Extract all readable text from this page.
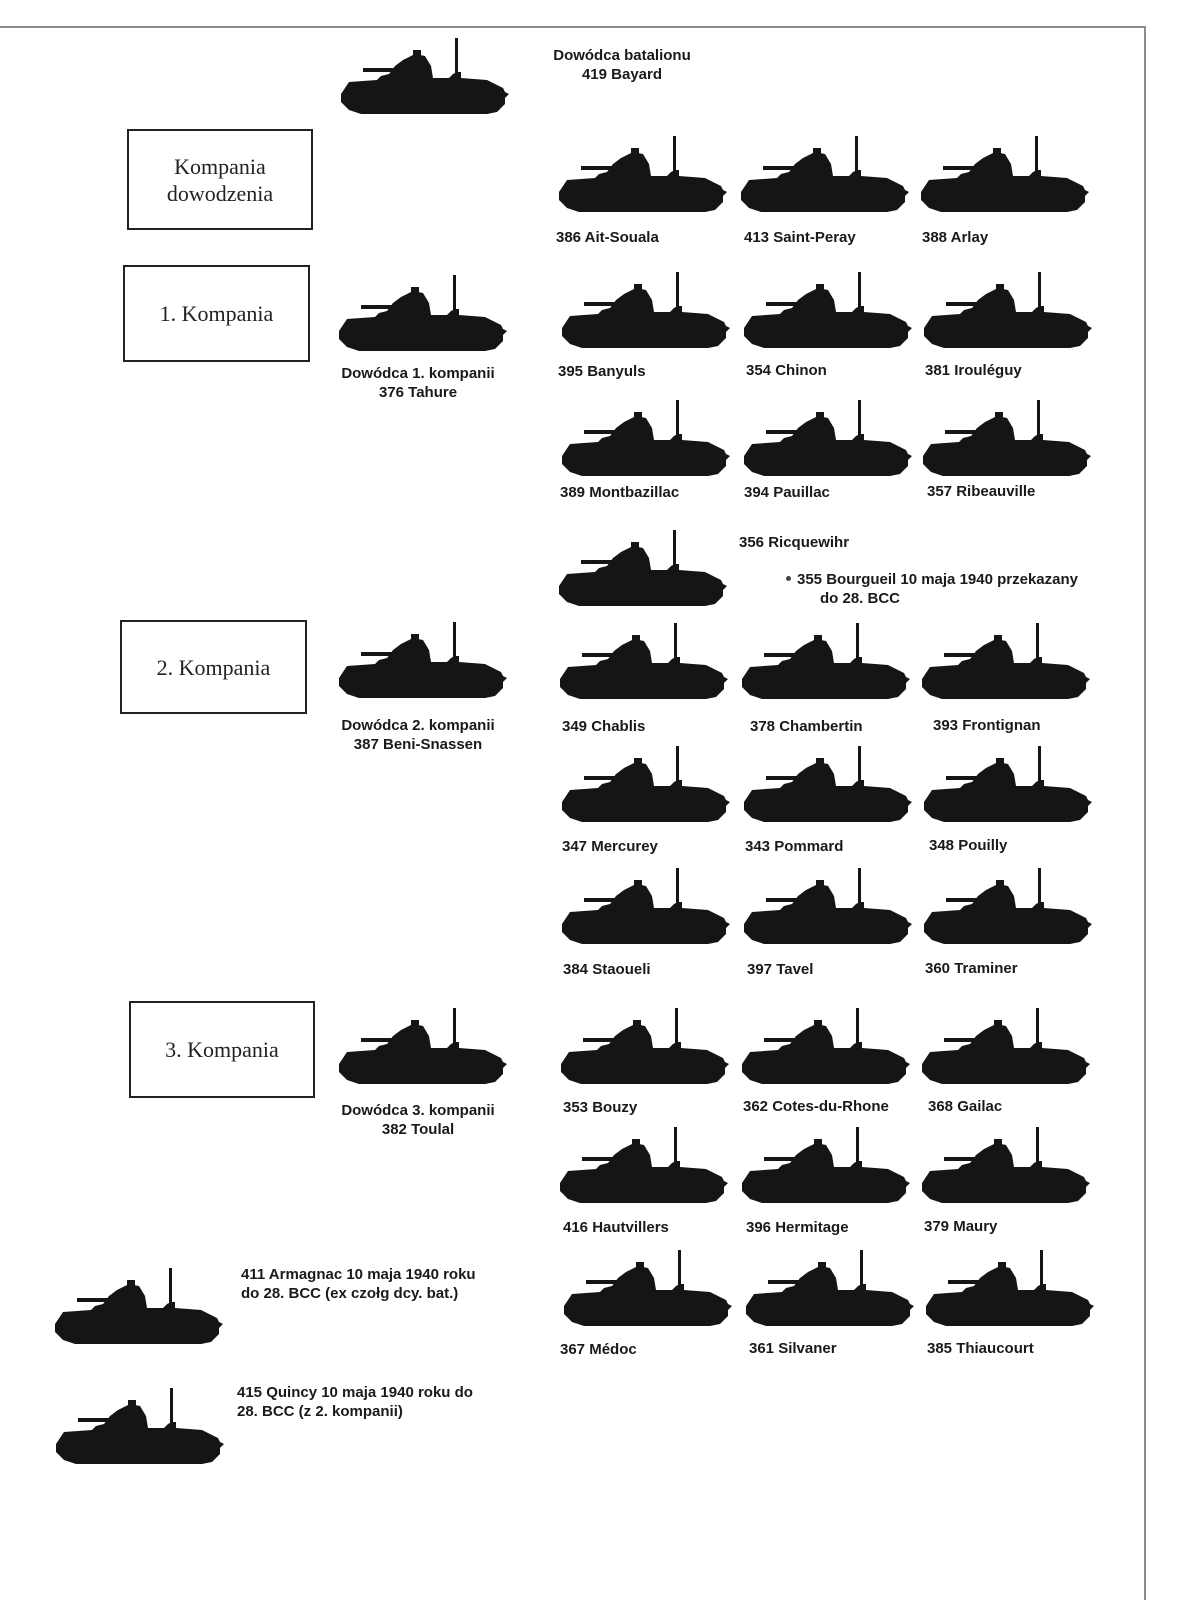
Dowódca batalionu
419 Bayard
Kompania
dowodzenia
1. Kompania
2. Kompania
3. Kompania
386 Ait-Souala	413 Saint-Peray	388 Arlay
Dowódca 1. kompanii
376 Tahure
395 Banyuls	354 Chinon	381 Irouléguy
389 Montbazillac	394 Pauillac	357 Ribeauville
356 Ricquewihr
355 Bourgueil 10 maja 1940 przekazany
do 28. BCC
Dowódca 2. kompanii
387 Beni-Snassen
349 Chablis	378 Chambertin	393 Frontignan
347 Mercurey	343 Pommard	348 Pouilly
384 Staoueli	397 Tavel	360 Traminer
Dowódca 3. kompanii
382 Toulal
353 Bouzy	362 Cotes-du-Rhone	368 Gailac
416 Hautvillers	396 Hermitage	379 Maury
367 Médoc	361 Silvaner	385 Thiaucourt
411 Armagnac 10 maja 1940 roku
do 28. BCC (ex czołg dcy. bat.)
415 Quincy 10 maja 1940 roku do
28. BCC (z 2. kompanii)
